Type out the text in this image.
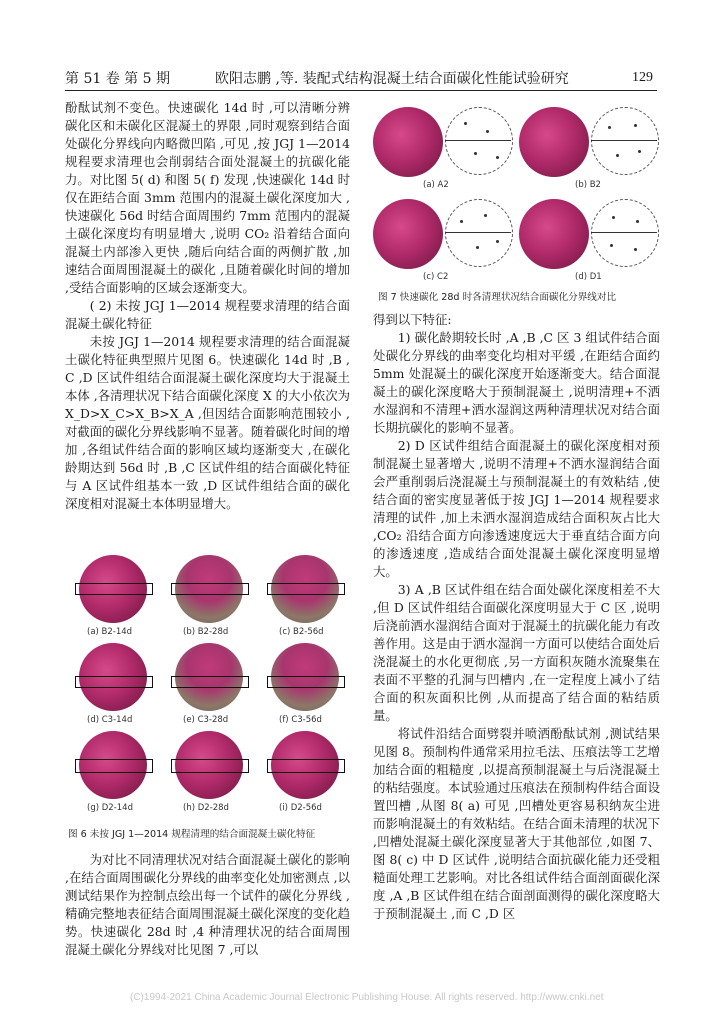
第 51 卷 第 5 期	欧阳志鹏 ,等. 装配式结构混凝土结合面碳化性能试验研究	129

酚酞试剂不变色。快速碳化 14d 时 ,可以清晰分辨碳化区和未碳化区混凝土的界限 ,同时观察到结合面处碳化分界线向内略微凹陷 ,可见 ,按 JGJ 1—2014 规程要求清理也会削弱结合面处混凝土的抗碳化能力。对比图 5( d) 和图 5( f) 发现 ,快速碳化 14d 时仅在距结合面 3mm 范围内的混凝土碳化深度加大 ,快速碳化 56d 时结合面周围约 7mm 范围内的混凝土碳化深度均有明显增大 ,说明 CO₂ 沿着结合面向混凝土内部渗入更快 ,随后向结合面的两侧扩散 ,加速结合面周围混凝土的碳化 ,且随着碳化时间的增加 ,受结合面影响的区域会逐渐变大。

( 2) 未按 JGJ 1—2014 规程要求清理的结合面混凝土碳化特征

未按 JGJ 1—2014 规程要求清理的结合面混凝土碳化特征典型照片见图 6。快速碳化 14d 时 ,B , C ,D 区试件组结合面混凝土碳化深度均大于混凝土本体 ,各清理状况下结合面碳化深度 X 的大小依次为 X_D>X_C>X_B>X_A ,但因结合面影响范围较小 ,对截面的碳化分界线影响不显著。随着碳化时间的增加 ,各组试件结合面的影响区域均逐渐变大 ,在碳化龄期达到 56d 时 ,B ,C 区试件组的结合面碳化特征与 A 区试件组基本一致 ,D 区试件组结合面的碳化深度相对混凝土本体明显增大。

(a) B2-14d	(b) B2-28d	(c) B2-56d
(d) C3-14d	(e) C3-28d	(f) C3-56d
(g) D2-14d	(h) D2-28d	(i) D2-56d
图 6 未按 JGJ 1—2014 规程清理的结合面混凝土碳化特征

为对比不同清理状况对结合面混凝土碳化的影响 ,在结合面周围碳化分界线的曲率变化处加密测点 ,以测试结果作为控制点绘出每一个试件的碳化分界线 ,精确完整地表征结合面周围混凝土碳化深度的变化趋势。快速碳化 28d 时 ,4 种清理状况的结合面周围混凝土碳化分界线对比见图 7 ,可以

(a) A2	(b) B2
(c) C2	(d) D1
图 7 快速碳化 28d 时各清理状况结合面碳化分界线对比

得到以下特征:

1) 碳化龄期较长时 ,A ,B ,C 区 3 组试件结合面处碳化分界线的曲率变化均相对平缓 ,在距结合面约 5mm 处混凝土的碳化深度开始逐渐变大。结合面混凝土的碳化深度略大于预制混凝土 ,说明清理+不洒水湿润和不清理+洒水湿润这两种清理状况对结合面长期抗碳化的影响不显著。

2) D 区试件组结合面混凝土的碳化深度相对预制混凝土显著增大 ,说明不清理+不洒水湿润结合面会严重削弱后浇混凝土与预制混凝土的有效粘结 ,使结合面的密实度显著低于按 JGJ 1—2014 规程要求清理的试件 ,加上未洒水湿润造成结合面积灰占比大 ,CO₂ 沿结合面方向渗透速度远大于垂直结合面方向的渗透速度 ,造成结合面处混凝土碳化深度明显增大。

3) A ,B 区试件组在结合面处碳化深度相差不大 ,但 D 区试件组结合面碳化深度明显大于 C 区 ,说明后浇前洒水湿润结合面对于混凝土的抗碳化能力有改善作用。这是由于洒水湿润一方面可以使结合面处后浇混凝土的水化更彻底 ,另一方面积灰随水流聚集在表面不平整的孔洞与凹槽内 ,在一定程度上减小了结合面的积灰面积比例 ,从而提高了结合面的粘结质量。

将试件沿结合面劈裂并喷洒酚酞试剂 ,测试结果见图 8。预制构件通常采用拉毛法、压痕法等工艺增加结合面的粗糙度 ,以提高预制混凝土与后浇混凝土的粘结强度。本试验通过压痕法在预制构件结合面设置凹槽 ,从图 8( a) 可见 ,凹槽处更容易积纳灰尘进而影响混凝土的有效粘结。在结合面未清理的状况下 ,凹槽处混凝土碳化深度显著大于其他部位 ,如图 7、图 8( c) 中 D 区试件 ,说明结合面抗碳化能力还受粗糙面处理工艺影响。对比各组试件结合面剖面碳化深度 ,A ,B 区试件组在结合面剖面测得的碳化深度略大于预制混凝土 ,而 C ,D 区

(C)1994-2021 China Academic Journal Electronic Publishing House. All rights reserved. http://www.cnki.net
